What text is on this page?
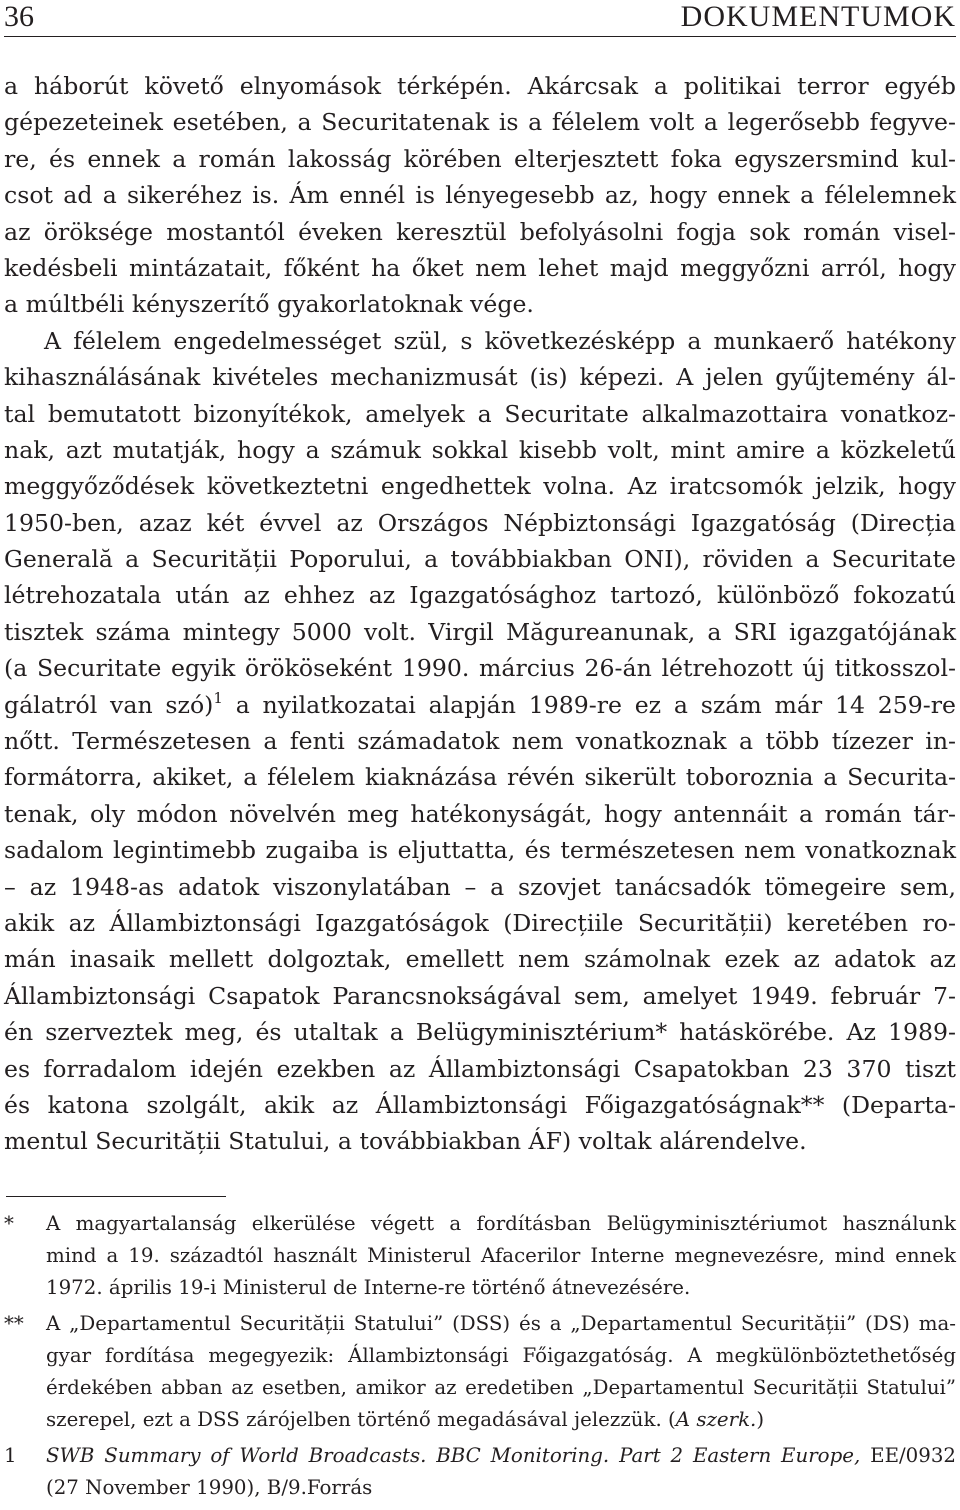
36	DOKUMENTUMOK
a háborút követő elnyomások térképén. Akárcsak a politikai terror egyéb
gépezeteinek esetében, a Securitatenak is a félelem volt a legerősebb fegyve-
re, és ennek a román lakosság körében elterjesztett foka egyszersmind kul-
csot ad a sikeréhez is. Ám ennél is lényegesebb az, hogy ennek a félelemnek
az öröksége mostantól éveken keresztül befolyásolni fogja sok román visel-
kedésbeli mintázatait, főként ha őket nem lehet majd meggyőzni arról, hogy
a múltbéli kényszerítő gyakorlatoknak vége.
A félelem engedelmességet szül, s következésképp a munkaerő hatékony
kihasználásának kivételes mechanizmusát (is) képezi. A jelen gyűjtemény ál-
tal bemutatott bizonyítékok, amelyek a Securitate alkalmazottaira vonatkoz-
nak, azt mutatják, hogy a számuk sokkal kisebb volt, mint amire a közkeletű
meggyőződések következtetni engedhettek volna. Az iratcsomók jelzik, hogy
1950-ben, azaz két évvel az Országos Népbiztonsági Igazgatóság (Direcția
Generală a Securității Poporului, a továbbiakban ONI), röviden a Securitate
létrehozatala után az ehhez az Igazgatósághoz tartozó, különböző fokozatú
tisztek száma mintegy 5000 volt. Virgil Măgureanunak, a SRI igazgatójának
(a Securitate egyik örököseként 1990. március 26-án létrehozott új titkosszol-
gálatról van szó)$^1$ a nyilatkozatai alapján 1989-re ez a szám már 14 259-re
nőtt. Természetesen a fenti számadatok nem vonatkoznak a több tízezer in-
formátorra, akiket, a félelem kiaknázása révén sikerült toboroznia a Securita-
tenak, oly módon növelvén meg hatékonyságát, hogy antennáit a román tár-
sadalom legintimebb zugaiba is eljuttatta, és természetesen nem vonatkoznak
– az 1948-as adatok viszonylatában – a szovjet tanácsadók tömegeire sem,
akik az Állambiztonsági Igazgatóságok (Direcțiile Securității) keretében ro-
mán inasaik mellett dolgoztak, emellett nem számolnak ezek az adatok az
Állambiztonsági Csapatok Parancsnokságával sem, amelyet 1949. február 7-
én szerveztek meg, és utaltak a Belügyminisztérium* hatáskörébe. Az 1989-
es forradalom idején ezekben az Állambiztonsági Csapatokban 23 370 tiszt
és katona szolgált, akik az Állambiztonsági Főigazgatóságnak** (Departa-
mentul Securității Statului, a továbbiakban ÁF) voltak alárendelve.
* A magyartalanság elkerülése végett a fordításban Belügyminisztériumot használunk
mind a 19. századtól használt Ministerul Afacerilor Interne megnevezésre, mind ennek
1972. április 19-i Ministerul de Interne-re történő átnevezésére.
** A „Departamentul Securității Statului” (DSS) és a „Departamentul Securității” (DS) ma-
gyar fordítása megegyezik: Állambiztonsági Főigazgatóság. A megkülönböztethetőség
érdekében abban az esetben, amikor az eredetiben „Departamentul Securității Statului”
szerepel, ezt a DSS zárójelben történő megadásával jelezzük. (A szerk.)
1 SWB Summary of World Broadcasts. BBC Monitoring. Part 2 Eastern Europe, EE/0932
(27 November 1990), B/9.Forrás
